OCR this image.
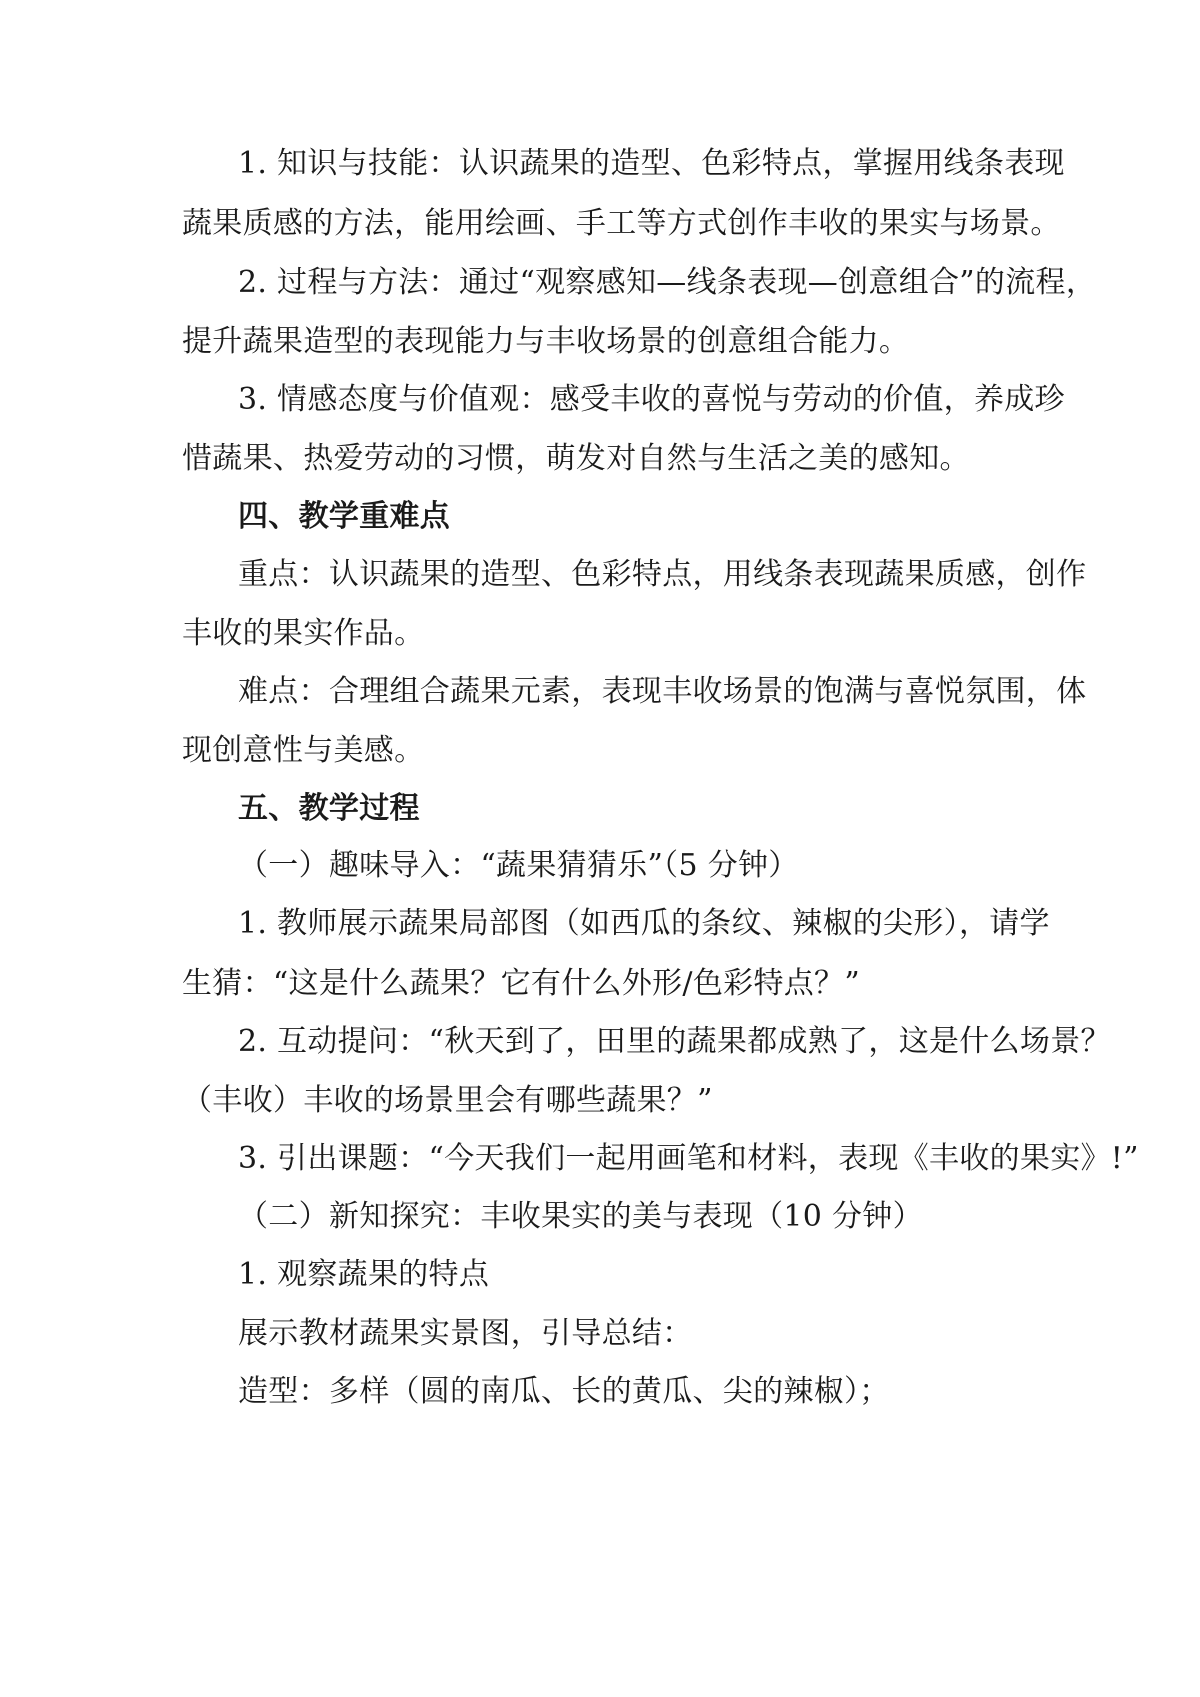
1. 知识与技能：认识蔬果的造型、色彩特点，掌握用线条表现
蔬果质感的方法，能用绘画、手工等方式创作丰收的果实与场景。
2. 过程与方法：通过“观察感知—线条表现—创意组合”的流程，
提升蔬果造型的表现能力与丰收场景的创意组合能力。
3. 情感态度与价值观：感受丰收的喜悦与劳动的价值，养成珍
惜蔬果、热爱劳动的习惯，萌发对自然与生活之美的感知。
四、教学重难点
重点：认识蔬果的造型、色彩特点，用线条表现蔬果质感，创作
丰收的果实作品。
难点：合理组合蔬果元素，表现丰收场景的饱满与喜悦氛围，体
现创意性与美感。
五、教学过程
（一）趣味导入：“蔬果猜猜乐”（5 分钟）
1. 教师展示蔬果局部图（如西瓜的条纹、辣椒的尖形），请学
生猜：“这是什么蔬果？它有什么外形/色彩特点？”
2. 互动提问：“秋天到了，田里的蔬果都成熟了，这是什么场景？
（丰收）丰收的场景里会有哪些蔬果？”
3. 引出课题：“今天我们一起用画笔和材料，表现《丰收的果实》!”
（二）新知探究：丰收果实的美与表现（10 分钟）
1. 观察蔬果的特点
展示教材蔬果实景图，引导总结：
造型：多样（圆的南瓜、长的黄瓜、尖的辣椒）；
